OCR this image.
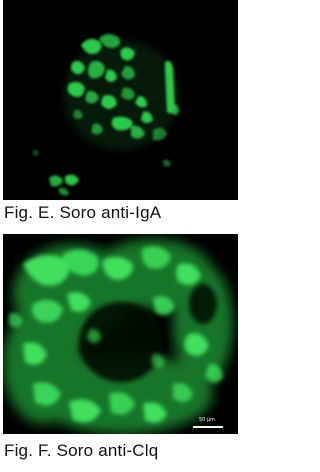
Fig. E. Soro anti-IgA
50 µm
Fig. F. Soro anti-Clq
